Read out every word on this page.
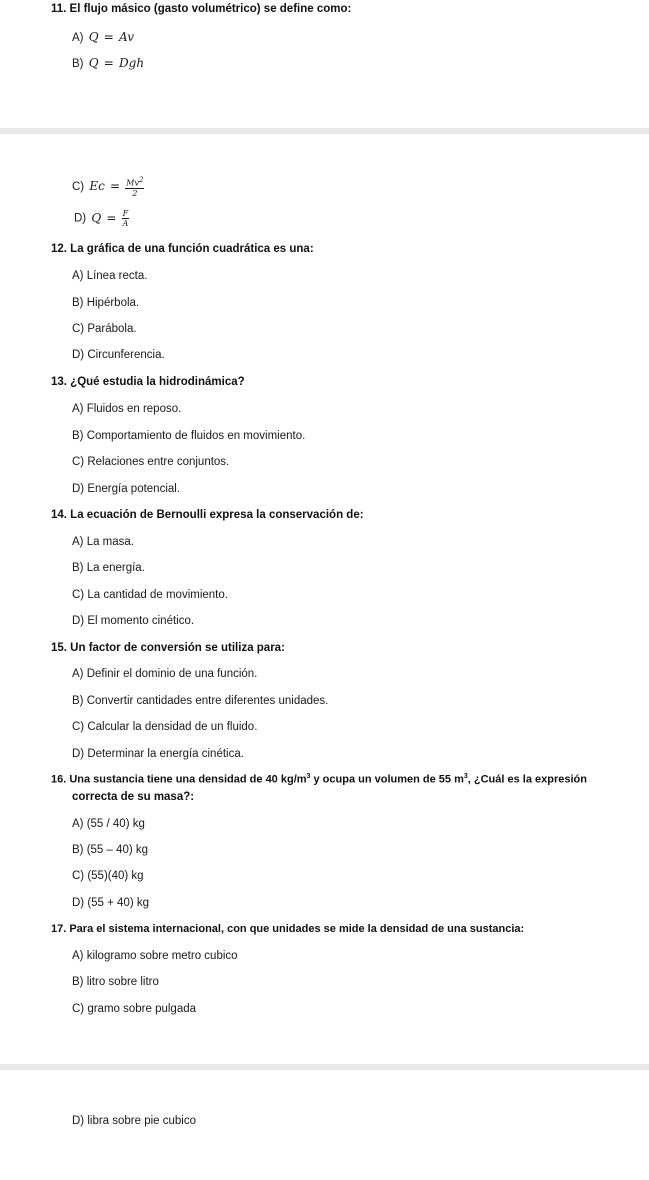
11. El flujo másico (gasto volumétrico) se define como:
A) Q = Av
B) Q = Dgh
C) $Ec = \frac{Mv2}{2}$
D) $Q = \frac{F}{A}$
12. La gráfica de una función cuadrática es una:
A) Línea recta.
B) Hipérbola.
C) Parábola.
D) Circunferencia.
13. ¿Qué estudia la hidrodinámica?
A) Fluidos en reposo.
B) Comportamiento de fluidos en movimiento.
C) Relaciones entre conjuntos.
D) Energía potencial.
14. La ecuación de Bernoulli expresa la conservación de:
A) La masa.
B) La energía.
C) La cantidad de movimiento.
D) El momento cinético.
15. Un factor de conversión se utiliza para:
A) Definir el dominio de una función.
B) Convertir cantidades entre diferentes unidades.
C) Calcular la densidad de un fluido.
D) Determinar la energía cinética.
16. Una sustancia tiene una densidad de 40 $kg/m^3$ y ocupa un volumen de 55 $m^3$, ¿Cuál es la expresión
correcta de su masa?:
A) (55 / 40) kg
B) (55 – 40) kg
C) (55)(40) kg
D) (55 + 40) kg
17. Para el sistema internacional, con que unidades se mide la densidad de una sustancia:
A) kilogramo sobre metro cubico
B) litro sobre litro
C) gramo sobre pulgada
D) libra sobre pie cubico
